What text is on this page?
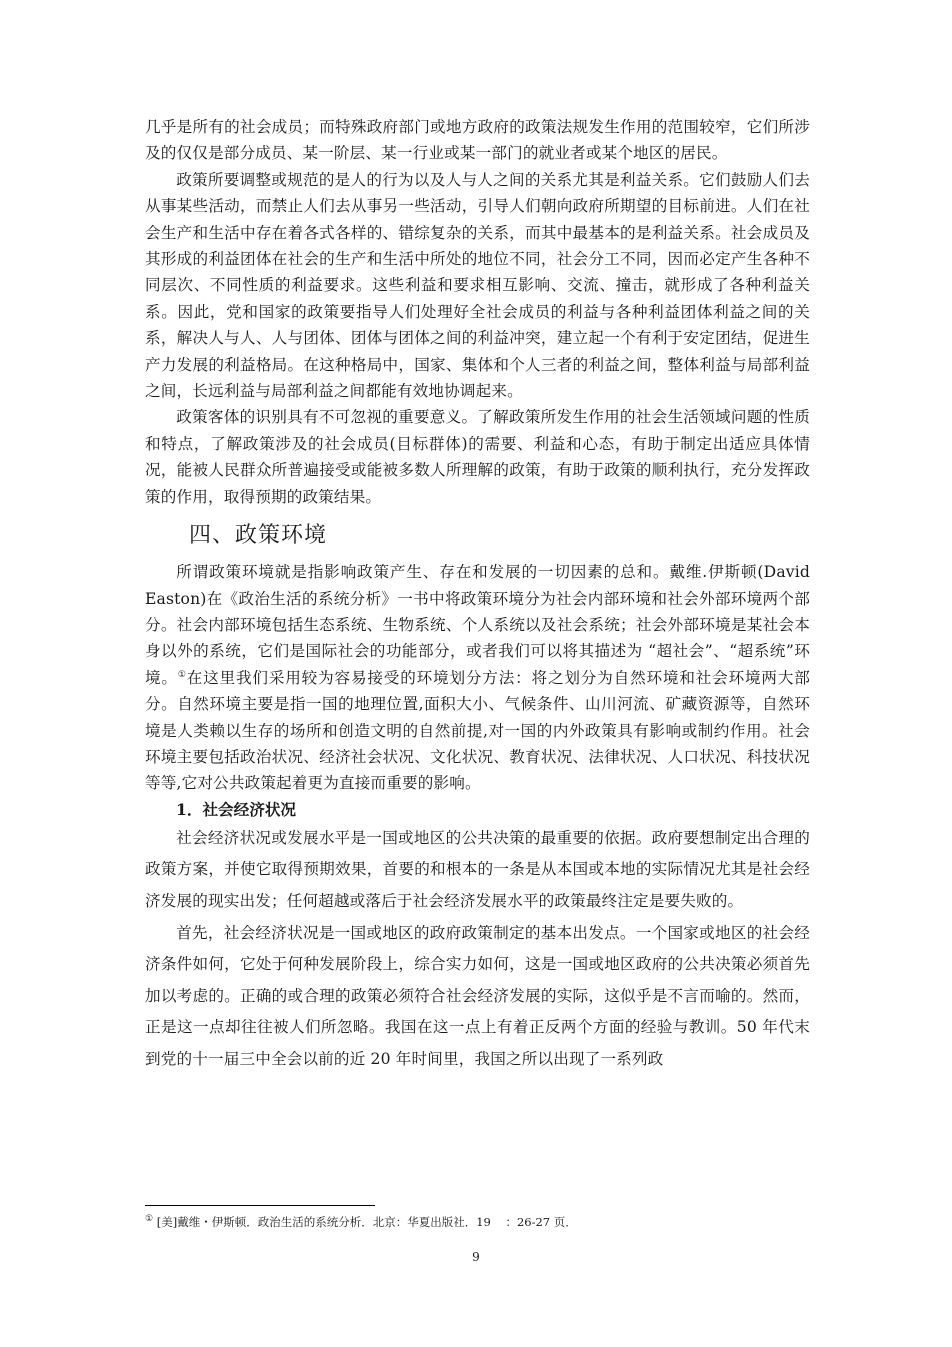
几乎是所有的社会成员；而特殊政府部门或地方政府的政策法规发生作用的范围较窄，它们所涉及的仅仅是部分成员、某一阶层、某一行业或某一部门的就业者或某个地区的居民。

政策所要调整或规范的是人的行为以及人与人之间的关系尤其是利益关系。它们鼓励人们去从事某些活动，而禁止人们去从事另一些活动，引导人们朝向政府所期望的目标前进。人们在社会生产和生活中存在着各式各样的、错综复杂的关系，而其中最基本的是利益关系。社会成员及其形成的利益团体在社会的生产和生活中所处的地位不同，社会分工不同，因而必定产生各种不同层次、不同性质的利益要求。这些利益和要求相互影响、交流、撞击，就形成了各种利益关系。因此，党和国家的政策要指导人们处理好全社会成员的利益与各种利益团体利益之间的关系，解决人与人、人与团体、团体与团体之间的利益冲突，建立起一个有利于安定团结，促进生产力发展的利益格局。在这种格局中，国家、集体和个人三者的利益之间，整体利益与局部利益之间，长远利益与局部利益之间都能有效地协调起来。

政策客体的识别具有不可忽视的重要意义。了解政策所发生作用的社会生活领域问题的性质和特点，了解政策涉及的社会成员(目标群体)的需要、利益和心态，有助于制定出适应具体情况，能被人民群众所普遍接受或能被多数人所理解的政策，有助于政策的顺利执行，充分发挥政策的作用，取得预期的政策结果。

四、政策环境

所谓政策环境就是指影响政策产生、存在和发展的一切因素的总和。戴维.伊斯顿(David Easton)在《政治生活的系统分析》一书中将政策环境分为社会内部环境和社会外部环境两个部分。社会内部环境包括生态系统、生物系统、个人系统以及社会系统；社会外部环境是某社会本身以外的系统，它们是国际社会的功能部分，或者我们可以将其描述为 “超社会”、“超系统”环境。①在这里我们采用较为容易接受的环境划分方法：将之划分为自然环境和社会环境两大部分。自然环境主要是指一国的地理位置,面积大小、气候条件、山川河流、矿藏资源等，自然环境是人类赖以生存的场所和创造文明的自然前提,对一国的内外政策具有影响或制约作用。社会环境主要包括政治状况、经济社会状况、文化状况、教育状况、法律状况、人口状况、科技状况等等,它对公共政策起着更为直接而重要的影响。

1．社会经济状况

社会经济状况或发展水平是一国或地区的公共决策的最重要的依据。政府要想制定出合理的政策方案，并使它取得预期效果，首要的和根本的一条是从本国或本地的实际情况尤其是社会经济发展的现实出发；任何超越或落后于社会经济发展水平的政策最终注定是要失败的。

首先，社会经济状况是一国或地区的政府政策制定的基本出发点。一个国家或地区的社会经济条件如何，它处于何种发展阶段上，综合实力如何，这是一国或地区政府的公共决策必须首先加以考虑的。正确的或合理的政策必须符合社会经济发展的实际，这似乎是不言而喻的。然而，正是这一点却往往被人们所忽略。我国在这一点上有着正反两个方面的经验与教训。50 年代末到党的十一届三中全会以前的近 20 年时间里，我国之所以出现了一系列政

① [美]戴维・伊斯顿．政治生活的系统分析．北京：华夏出版社．19    ：26-27 页．
9
